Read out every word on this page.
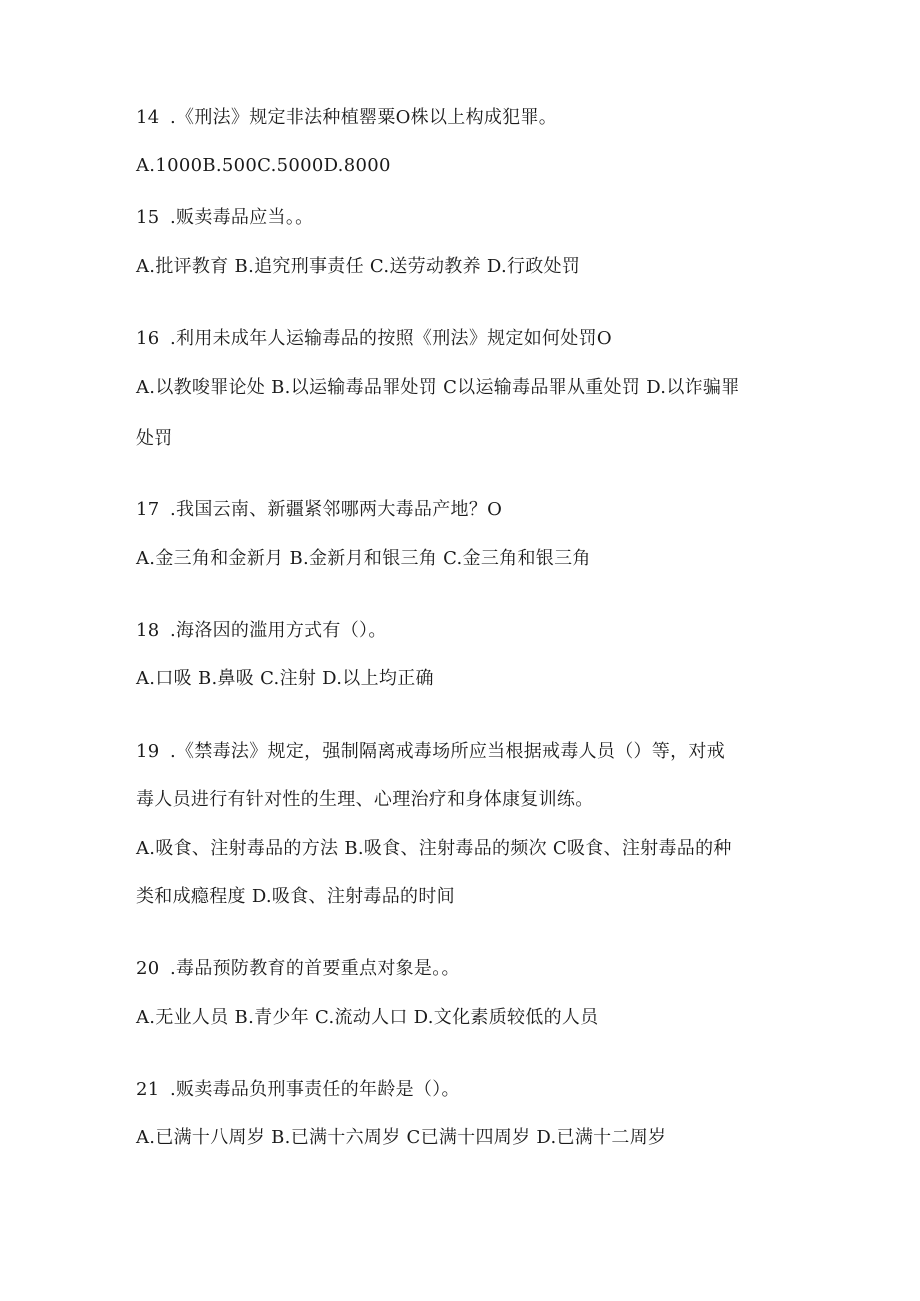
14 .《刑法》规定非法种植罂粟O株以上构成犯罪。
A.1000B.500C.5000D.8000
15 .贩卖毒品应当。。
A.批评教育 B.追究刑事责任 C.送劳动教养 D.行政处罚
16 .利用未成年人运输毒品的按照《刑法》规定如何处罚O
A.以教唆罪论处 B.以运输毒品罪处罚 C以运输毒品罪从重处罚 D.以诈骗罪
处罚
17 .我国云南、新疆紧邻哪两大毒品产地？O
A.金三角和金新月 B.金新月和银三角 C.金三角和银三角
18 .海洛因的滥用方式有（）。
A.口吸 B.鼻吸 C.注射 D.以上均正确
19 .《禁毒法》规定，强制隔离戒毒场所应当根据戒毒人员（）等，对戒
毒人员进行有针对性的生理、心理治疗和身体康复训练。
A.吸食、注射毒品的方法 B.吸食、注射毒品的频次 C吸食、注射毒品的种
类和成瘾程度 D.吸食、注射毒品的时间
20 .毒品预防教育的首要重点对象是。。
A.无业人员 B.青少年 C.流动人口 D.文化素质较低的人员
21 .贩卖毒品负刑事责任的年龄是（）。
A.已满十八周岁 B.已满十六周岁 C已满十四周岁 D.已满十二周岁
